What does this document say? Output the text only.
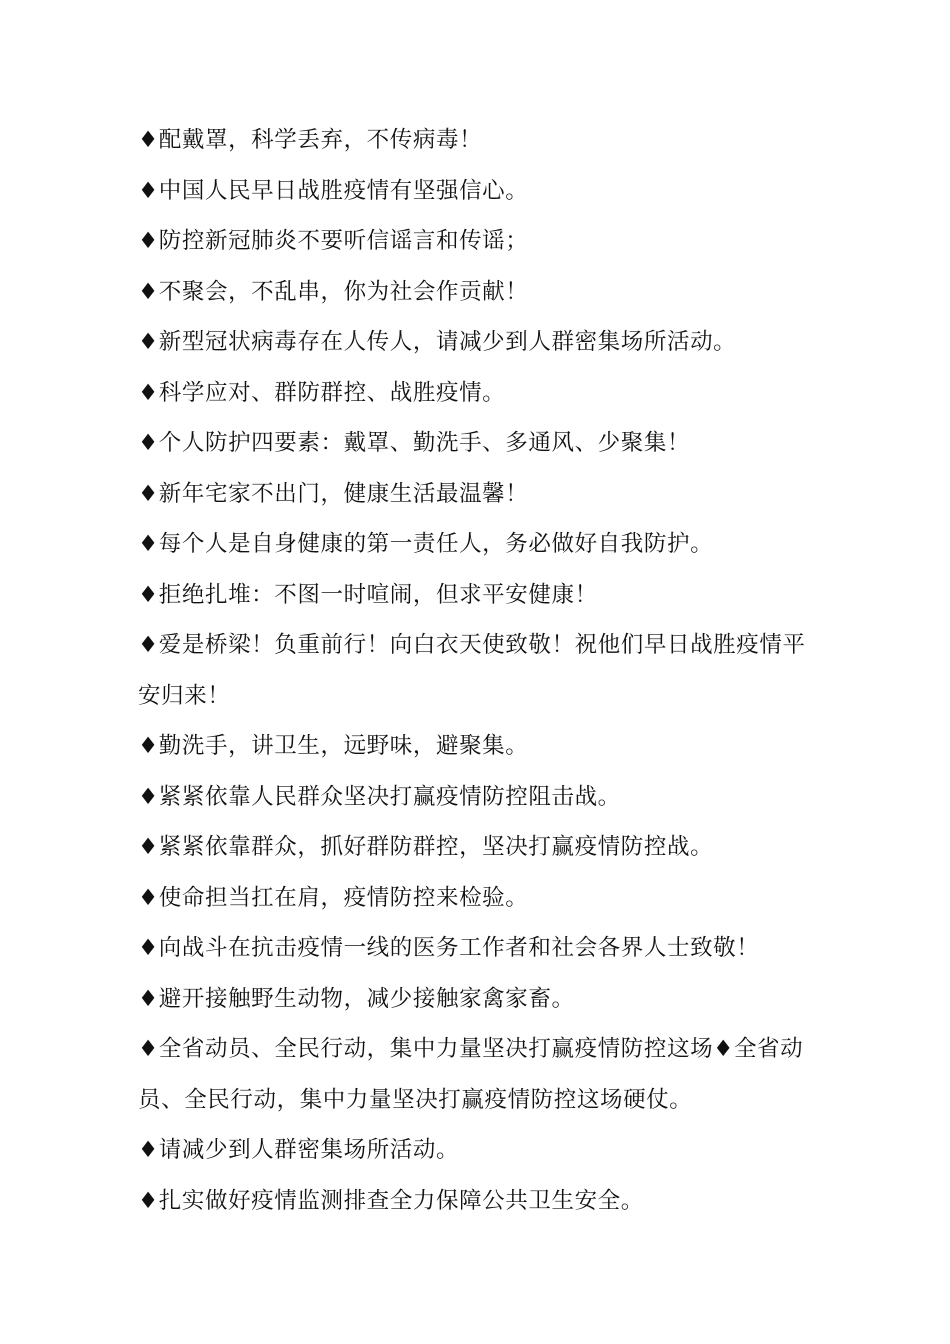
♦配戴罩，科学丢弃，不传病毒！
♦中国人民早日战胜疫情有坚强信心。
♦防控新冠肺炎不要听信谣言和传谣；
♦不聚会，不乱串，你为社会作贡献！
♦新型冠状病毒存在人传人，请减少到人群密集场所活动。
♦科学应对、群防群控、战胜疫情。
♦个人防护四要素：戴罩、勤洗手、多通风、少聚集！
♦新年宅家不出门，健康生活最温馨！
♦每个人是自身健康的第一责任人，务必做好自我防护。
♦拒绝扎堆：不图一时喧闹，但求平安健康！
♦爱是桥梁！负重前行！向白衣天使致敬！祝他们早日战胜疫情平安归来！
♦勤洗手，讲卫生，远野味，避聚集。
♦紧紧依靠人民群众坚决打赢疫情防控阻击战。
♦紧紧依靠群众，抓好群防群控，坚决打赢疫情防控战。
♦使命担当扛在肩，疫情防控来检验。
♦向战斗在抗击疫情一线的医务工作者和社会各界人士致敬！
♦避开接触野生动物，减少接触家禽家畜。
♦全省动员、全民行动，集中力量坚决打赢疫情防控这场♦全省动员、全民行动，集中力量坚决打赢疫情防控这场硬仗。
♦请减少到人群密集场所活动。
♦扎实做好疫情监测排查全力保障公共卫生安全。
